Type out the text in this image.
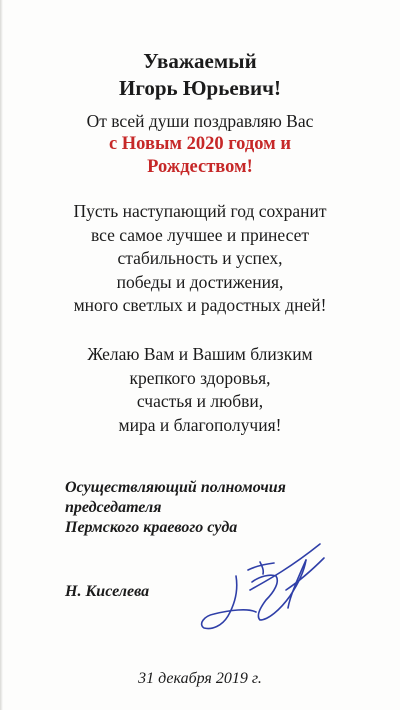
Уважаемый
Игорь Юрьевич!
От всей души поздравляю Вас
с Новым 2020 годом и
Рождеством!
Пусть наступающий год сохранит
все самое лучшее и принесет
стабильность и успех,
победы и достижения,
много светлых и радостных дней!
Желаю Вам и Вашим близким
крепкого здоровья,
счастья и любви,
мира и благополучия!
Осуществляющий полномочия
председателя
Пермского краевого суда
Н. Киселева
31 декабря 2019 г.
